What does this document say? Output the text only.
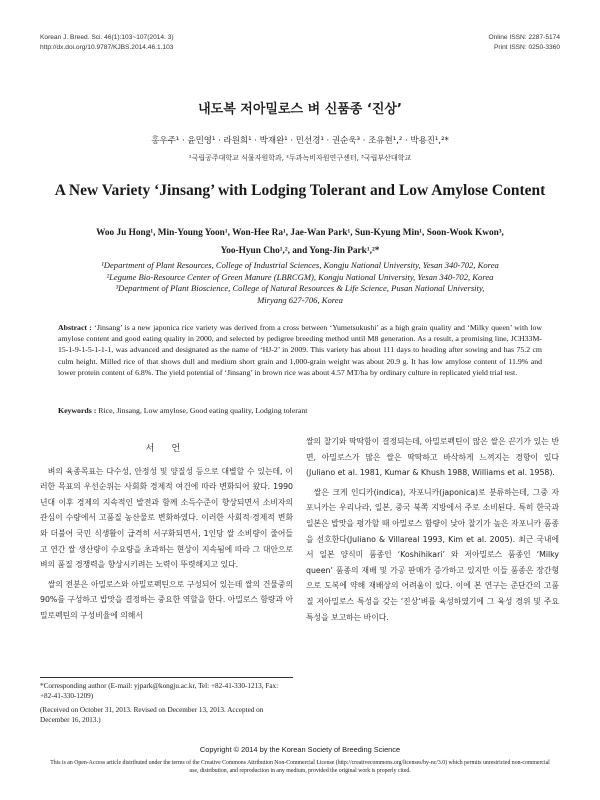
Korean J. Breed. Sci. 46(1):103~107(2014. 3)
http://dx.doi.org/10.9787/KJBS.2014.46.1.103
Online ISSN: 2287-5174
Print ISSN: 0250-3360
내도복 저아밀로스 벼 신품종 ‘진상’
홍우주¹ · 윤민영¹ · 라원희¹ · 박재완¹ · 민선경¹ · 권순욱³ · 조유현¹,² · 박용진¹,²*
¹국립공주대학교 식물자원학과, ²두과녹비자원연구센터, ³국립부산대학교
A New Variety ‘Jinsang’ with Lodging Tolerant and Low Amylose Content
Woo Ju Hong¹, Min-Young Yoon¹, Won-Hee Ra¹, Jae-Wan Park¹, Sun-Kyung Min¹, Soon-Wook Kwon³,
Yoo-Hyun Cho¹,², and Yong-Jin Park¹,²*
¹Department of Plant Resources, College of Industrial Sciences, Kongju National University, Yesan 340-702, Korea
²Legume Bio-Resource Center of Green Manure (LBRCGM), Kongju National University, Yesan 340-702, Korea
³Department of Plant Bioscience, College of Natural Resources & Life Science, Pusan National University,
Miryang 627-706, Korea
Abstract : ‘Jinsang’ is a new japonica rice variety was derived from a cross between ‘Yumetsukushi’ as a high grain quality and ‘Milky queen’ with low amylose content and good eating quality in 2000, and selected by pedigree breeding method until M8 generation. As a result, a promising line, JCH33M-15-1-9-1-5-1-1-1, was advanced and designated as the name of ‘HJ-2’ in 2009. This variety has about 111 days to heading after sowing and has 75.2 cm culm height. Milled rice of that shows dull and medium short grain and 1,000-grain weight was about 20.9 g. It has low amylose content of 11.9% and lower protein content of 6.8%. The yield potential of ‘Jinsang’ in brown rice was about 4.57 MT/ha by ordinary culture in replicated yield trial test.
Keywords : Rice, Jinsang, Low amylose, Good eating quality, Lodging tolerant
서 언

벼의 육종목표는 다수성, 안정성 및 양질성 등으로 대별할 수 있는데, 이러한 목표의 우선순위는 사회화 경제적 여건에 따라 변화되어 왔다. 1990년대 이후 경제의 지속적인 발전과 함께 소득수준이 향상되면서 소비자의 관심이 수량에서 고품질 농산물로 변화하였다. 이러한 사회적·경제적 변화와 더불어 국민 식생활이 급격히 서구화되면서, 1인당 쌀 소비량이 줄어들고 연간 쌀 생산량이 수요량을 초과하는 현상이 지속됨에 따라 그 대안으로 벼의 품질 경쟁력을 향상시키려는 노력이 뚜렷해지고 있다.

쌀의 전분은 아밀로스와 아밀로펙틴으로 구성되어 있는데 쌀의 건물중의 90%를 구성하고 밥맛을 결정하는 중요한 역할을 한다. 아밀로스 함량과 아밀로펙틴의 구성비율에 의해서

쌀의 찰기와 딱딱함이 결정되는데, 아밀로펙틴이 많은 쌀은 끈기가 있는 반면, 아밀로스가 많은 쌀은 딱딱하고 바삭하게 느껴지는 경향이 있다(Juliano et al. 1981, Kumar & Khush 1988, Williams et al. 1958).

쌀은 크게 인디카(indica), 자포니카(japonica)로 분류하는데, 그중 자포니카는 우리나라, 일본, 중국 북쪽 지방에서 주로 소비된다. 특히 한국과 일본은 밥맛을 평가할 때 아밀로스 함량이 낮아 찰기가 높은 자포니카 품종을 선호한다(Juliano & Villareal 1993, Kim et al. 2005). 최근 국내에서 일본 양식미 품종인 ‘Koshihikari’ 와 저아밀로스 품종인 ‘Milky queen’ 품종의 재배 및 가공 판매가 증가하고 있지만 이들 품종은 장간형으로 도복에 약해 재배상의 어려움이 있다. 이에 본 연구는 준단간의 고품질 저아밀로스 특성을 갖는 ‘진상’벼를 육성하였기에 그 육성 경위 및 주요 특성을 보고하는 바이다.

*Corresponding author (E-mail: yjpark@kongju.ac.kr, Tel: +82-41-330-1213, Fax: +82-41-330-1209)
(Received on October 31, 2013. Revised on December 13, 2013. Accepted on December 16, 2013.)
Copyright © 2014 by the Korean Society of Breeding Science
This is an Open-Access article distributed under the terms of the Creative Commons Attribution Non-Commercial License (http://creativecommons.org/licenses/by-nc/3.0) which permits unrestricted non-commercial use, distribution, and reproduction in any medium, provided the original work is properly cited.
